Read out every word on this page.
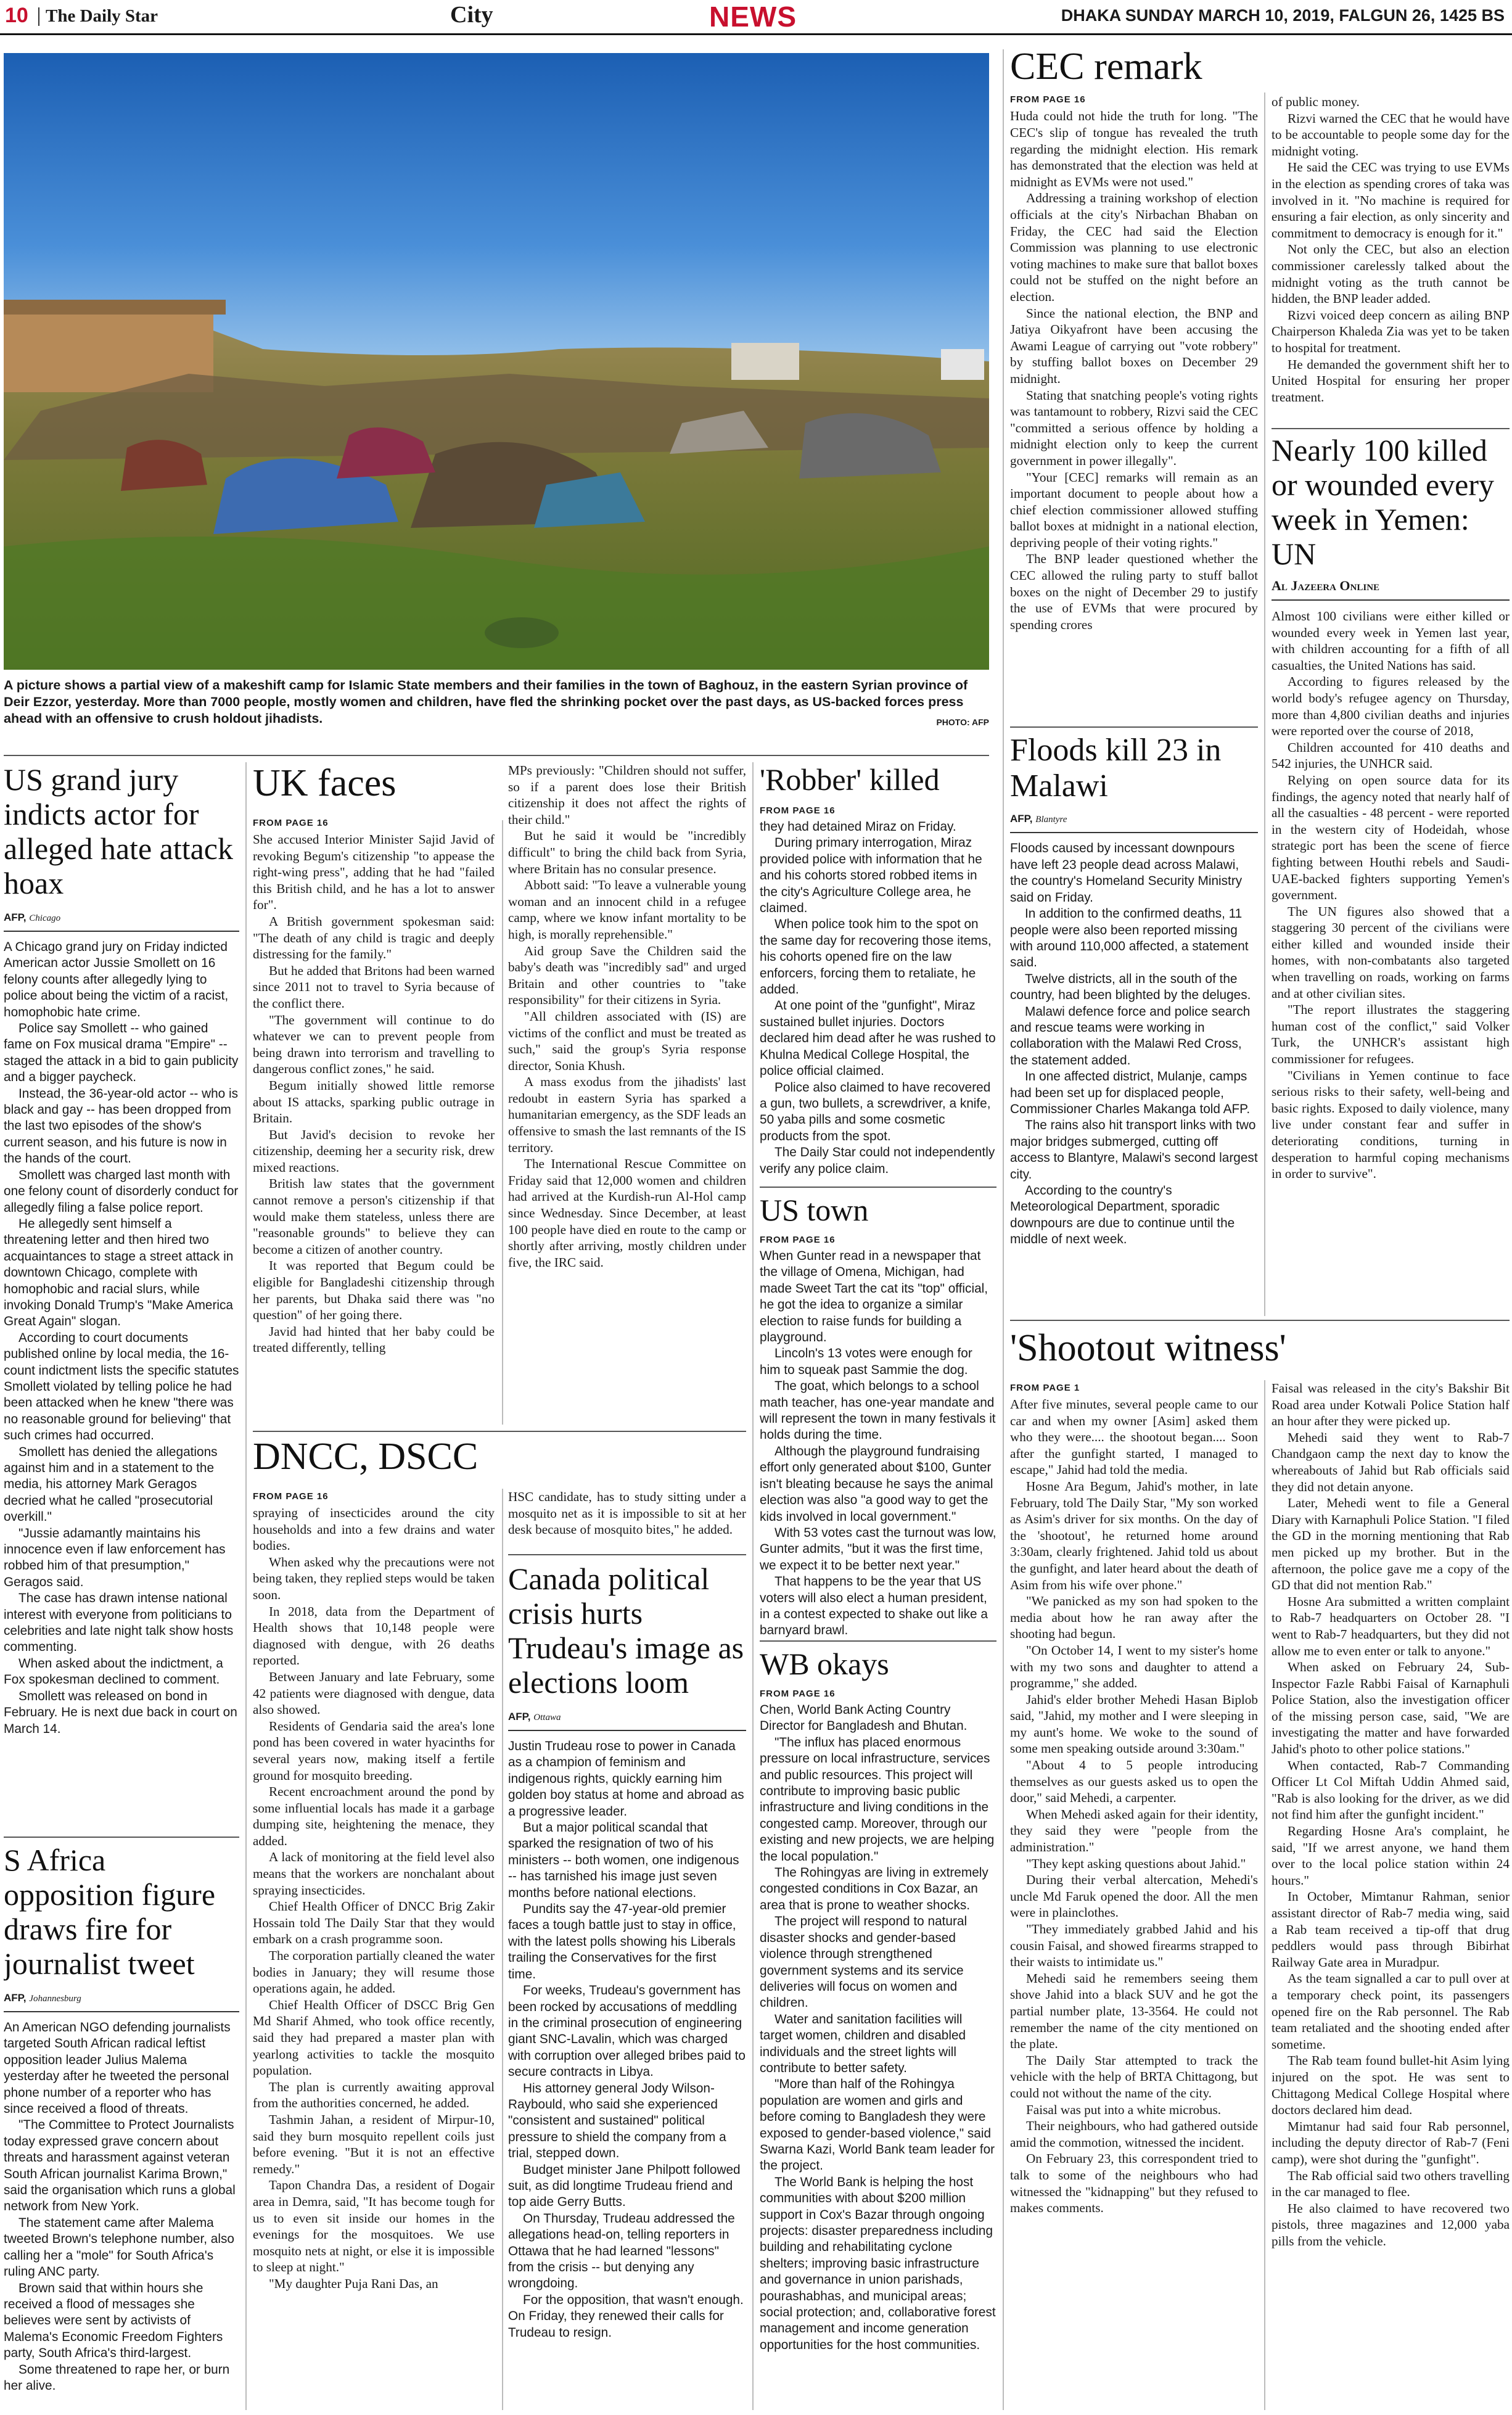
10 The Daily Star	City	NEWS	DHAKA SUNDAY MARCH 10, 2019, FALGUN 26, 1425 BS
A picture shows a partial view of a makeshift camp for Islamic State members and their families in the town of Baghouz, in the eastern Syrian province of Deir Ezzor, yesterday. More than 7000 people, mostly women and children, have fled the shrinking pocket over the past days, as US-backed forces press ahead with an offensive to crush holdout jihadists.	PHOTO: AFP
US grand jury indicts actor for alleged hate attack hoax
AFP, Chicago

A Chicago grand jury on Friday indicted American actor Jussie Smollett on 16 felony counts after allegedly lying to police about being the victim of a racist, homophobic hate crime.

Police say Smollett -- who gained fame on Fox musical drama "Empire" -- staged the attack in a bid to gain publicity and a bigger paycheck.

Instead, the 36-year-old actor -- who is black and gay -- has been dropped from the last two episodes of the show's current season, and his future is now in the hands of the court.

Smollett was charged last month with one felony count of disorderly conduct for allegedly filing a false police report.

He allegedly sent himself a threatening letter and then hired two acquaintances to stage a street attack in downtown Chicago, complete with homophobic and racial slurs, while invoking Donald Trump's "Make America Great Again" slogan.

According to court documents published online by local media, the 16-count indictment lists the specific statutes Smollett violated by telling police he had been attacked when he knew "there was no reasonable ground for believing" that such crimes had occurred.

Smollett has denied the allegations against him and in a statement to the media, his attorney Mark Geragos decried what he called "prosecutorial overkill."

"Jussie adamantly maintains his innocence even if law enforcement has robbed him of that presumption," Geragos said.

The case has drawn intense national interest with everyone from politicians to celebrities and late night talk show hosts commenting.

When asked about the indictment, a Fox spokesman declined to comment.

Smollett was released on bond in February. He is next due back in court on March 14.

S Africa opposition figure draws fire for journalist tweet
AFP, Johannesburg

An American NGO defending journalists targeted South African radical leftist opposition leader Julius Malema yesterday after he tweeted the personal phone number of a reporter who has since received a flood of threats.

"The Committee to Protect Journalists today expressed grave concern about threats and harassment against veteran South African journalist Karima Brown," said the organisation which runs a global network from New York.

The statement came after Malema tweeted Brown's telephone number, also calling her a "mole" for South Africa's ruling ANC party.

Brown said that within hours she received a flood of messages she believes were sent by activists of Malema's Economic Freedom Fighters party, South Africa's third-largest.

Some threatened to rape her, or burn her alive.

UK faces
FROM PAGE 16

She accused Interior Minister Sajid Javid of revoking Begum's citizenship "to appease the right-wing press", adding that he had "failed this British child, and he has a lot to answer for".

A British government spokesman said: "The death of any child is tragic and deeply distressing for the family."

But he added that Britons had been warned since 2011 not to travel to Syria because of the conflict there.

"The government will continue to do whatever we can to prevent people from being drawn into terrorism and travelling to dangerous conflict zones," he said.

Begum initially showed little remorse about IS attacks, sparking public outrage in Britain.

But Javid's decision to revoke her citizenship, deeming her a security risk, drew mixed reactions.

British law states that the government cannot remove a person's citizenship if that would make them stateless, unless there are "reasonable grounds" to believe they can become a citizen of another country.

It was reported that Begum could be eligible for Bangladeshi citizenship through her parents, but Dhaka said there was "no question" of her going there.

Javid had hinted that her baby could be treated differently, telling

MPs previously: "Children should not suffer, so if a parent does lose their British citizenship it does not affect the rights of their child."

But he said it would be "incredibly difficult" to bring the child back from Syria, where Britain has no consular presence.

Abbott said: "To leave a vulnerable young woman and an innocent child in a refugee camp, where we know infant mortality to be high, is morally reprehensible."

Aid group Save the Children said the baby's death was "incredibly sad" and urged Britain and other countries to "take responsibility" for their citizens in Syria.

"All children associated with (IS) are victims of the conflict and must be treated as such," said the group's Syria response director, Sonia Khush.

A mass exodus from the jihadists' last redoubt in eastern Syria has sparked a humanitarian emergency, as the SDF leads an offensive to smash the last remnants of the IS territory.

The International Rescue Committee on Friday said that 12,000 women and children had arrived at the Kurdish-run Al-Hol camp since Wednesday. Since December, at least 100 people have died en route to the camp or shortly after arriving, mostly children under five, the IRC said.

DNCC, DSCC
FROM PAGE 16

spraying of insecticides around the city households and into a few drains and water bodies.

When asked why the precautions were not being taken, they replied steps would be taken soon.

In 2018, data from the Department of Health shows that 10,148 people were diagnosed with dengue, with 26 deaths reported.

Between January and late February, some 42 patients were diagnosed with dengue, data also showed.

Residents of Gendaria said the area's lone pond has been covered in water hyacinths for several years now, making itself a fertile ground for mosquito breeding.

Recent encroachment around the pond by some influential locals has made it a garbage dumping site, heightening the menace, they added.

A lack of monitoring at the field level also means that the workers are nonchalant about spraying insecticides.

Chief Health Officer of DNCC Brig Zakir Hossain told The Daily Star that they would embark on a crash programme soon.

The corporation partially cleaned the water bodies in January; they will resume those operations again, he added.

Chief Health Officer of DSCC Brig Gen Md Sharif Ahmed, who took office recently, said they had prepared a master plan with yearlong activities to tackle the mosquito population.

The plan is currently awaiting approval from the authorities concerned, he added.

Tashmin Jahan, a resident of Mirpur-10, said they burn mosquito repellent coils just before evening. "But it is not an effective remedy."

Tapon Chandra Das, a resident of Dogair area in Demra, said, "It has become tough for us to even sit inside our homes in the evenings for the mosquitoes. We use mosquito nets at night, or else it is impossible to sleep at night."

"My daughter Puja Rani Das, an

HSC candidate, has to study sitting under a mosquito net as it is impossible to sit at her desk because of mosquito bites," he added.

Canada political crisis hurts Trudeau's image as elections loom
AFP, Ottawa

Justin Trudeau rose to power in Canada as a champion of feminism and indigenous rights, quickly earning him golden boy status at home and abroad as a progressive leader.

But a major political scandal that sparked the resignation of two of his ministers -- both women, one indigenous -- has tarnished his image just seven months before national elections.

Pundits say the 47-year-old premier faces a tough battle just to stay in office, with the latest polls showing his Liberals trailing the Conservatives for the first time.

For weeks, Trudeau's government has been rocked by accusations of meddling in the criminal prosecution of engineering giant SNC-Lavalin, which was charged with corruption over alleged bribes paid to secure contracts in Libya.

His attorney general Jody Wilson-Raybould, who said she experienced "consistent and sustained" political pressure to shield the company from a trial, stepped down.

Budget minister Jane Philpott followed suit, as did longtime Trudeau friend and top aide Gerry Butts.

On Thursday, Trudeau addressed the allegations head-on, telling reporters in Ottawa that he had learned "lessons" from the crisis -- but denying any wrongdoing.

For the opposition, that wasn't enough. On Friday, they renewed their calls for Trudeau to resign.

'Robber' killed
FROM PAGE 16

they had detained Miraz on Friday.

During primary interrogation, Miraz provided police with information that he and his cohorts stored robbed items in the city's Agriculture College area, he claimed.

When police took him to the spot on the same day for recovering those items, his cohorts opened fire on the law enforcers, forcing them to retaliate, he added.

At one point of the "gunfight", Miraz sustained bullet injuries. Doctors declared him dead after he was rushed to Khulna Medical College Hospital, the police official claimed.

Police also claimed to have recovered a gun, two bullets, a screwdriver, a knife, 50 yaba pills and some cosmetic products from the spot.

The Daily Star could not independently verify any police claim.

US town
FROM PAGE 16

When Gunter read in a newspaper that the village of Omena, Michigan, had made Sweet Tart the cat its "top" official, he got the idea to organize a similar election to raise funds for building a playground.

Lincoln's 13 votes were enough for him to squeak past Sammie the dog.

The goat, which belongs to a school math teacher, has one-year mandate and will represent the town in many festivals it holds during the time.

Although the playground fundraising effort only generated about $100, Gunter isn't bleating because he says the animal election was also "a good way to get the kids involved in local government."

With 53 votes cast the turnout was low, Gunter admits, "but it was the first time, we expect it to be better next year."

That happens to be the year that US voters will also elect a human president, in a contest expected to shake out like a barnyard brawl.

WB okays
FROM PAGE 16

Chen, World Bank Acting Country Director for Bangladesh and Bhutan.

"The influx has placed enormous pressure on local infrastructure, services and public resources. This project will contribute to improving basic public infrastructure and living conditions in the congested camp. Moreover, through our existing and new projects, we are helping the local population."

The Rohingyas are living in extremely congested conditions in Cox Bazar, an area that is prone to weather shocks.

The project will respond to natural disaster shocks and gender-based violence through strengthened government systems and its service deliveries will focus on women and children.

Water and sanitation facilities will target women, children and disabled individuals and the street lights will contribute to better safety.

"More than half of the Rohingya population are women and girls and before coming to Bangladesh they were exposed to gender-based violence," said Swarna Kazi, World Bank team leader for the project.

The World Bank is helping the host communities with about $200 million support in Cox's Bazar through ongoing projects: disaster preparedness including building and rehabilitating cyclone shelters; improving basic infrastructure and governance in union parishads, pourashabhas, and municipal areas; social protection; and, collaborative forest management and income generation opportunities for the host communities.

CEC remark
FROM PAGE 16

Huda could not hide the truth for long. "The CEC's slip of tongue has revealed the truth regarding the midnight election. His remark has demonstrated that the election was held at midnight as EVMs were not used."

Addressing a training workshop of election officials at the city's Nirbachan Bhaban on Friday, the CEC had said the Election Commission was planning to use electronic voting machines to make sure that ballot boxes could not be stuffed on the night before an election.

Since the national election, the BNP and Jatiya Oikyafront have been accusing the Awami League of carrying out "vote robbery" by stuffing ballot boxes on December 29 midnight.

Stating that snatching people's voting rights was tantamount to robbery, Rizvi said the CEC "committed a serious offence by holding a midnight election only to keep the current government in power illegally".

"Your [CEC] remarks will remain as an important document to people about how a chief election commissioner allowed stuffing ballot boxes at midnight in a national election, depriving people of their voting rights."

The BNP leader questioned whether the CEC allowed the ruling party to stuff ballot boxes on the night of December 29 to justify the use of EVMs that were procured by spending crores

Floods kill 23 in Malawi
AFP, Blantyre

Floods caused by incessant downpours have left 23 people dead across Malawi, the country's Homeland Security Ministry said on Friday.

In addition to the confirmed deaths, 11 people were also been reported missing with around 110,000 affected, a statement said.

Twelve districts, all in the south of the country, had been blighted by the deluges.

Malawi defence force and police search and rescue teams were working in collaboration with the Malawi Red Cross, the statement added.

In one affected district, Mulanje, camps had been set up for displaced people, Commissioner Charles Makanga told AFP.

The rains also hit transport links with two major bridges submerged, cutting off access to Blantyre, Malawi's second largest city.

According to the country's Meteorological Department, sporadic downpours are due to continue until the middle of next week.

of public money.

Rizvi warned the CEC that he would have to be accountable to people some day for the midnight voting.

He said the CEC was trying to use EVMs in the election as spending crores of taka was involved in it. "No machine is required for ensuring a fair election, as only sincerity and commitment to democracy is enough for it."

Not only the CEC, but also an election commissioner carelessly talked about the midnight voting as the truth cannot be hidden, the BNP leader added.

Rizvi voiced deep concern as ailing BNP Chairperson Khaleda Zia was yet to be taken to hospital for treatment.

He demanded the government shift her to United Hospital for ensuring her proper treatment.

Nearly 100 killed or wounded every week in Yemen: UN
Al Jazeera Online

Almost 100 civilians were either killed or wounded every week in Yemen last year, with children accounting for a fifth of all casualties, the United Nations has said.

According to figures released by the world body's refugee agency on Thursday, more than 4,800 civilian deaths and injuries were reported over the course of 2018,

Children accounted for 410 deaths and 542 injuries, the UNHCR said.

Relying on open source data for its findings, the agency noted that nearly half of all the casualties - 48 percent - were reported in the western city of Hodeidah, whose strategic port has been the scene of fierce fighting between Houthi rebels and Saudi-UAE-backed fighters supporting Yemen's government.

The UN figures also showed that a staggering 30 percent of the civilians were either killed and wounded inside their homes, with non-combatants also targeted when travelling on roads, working on farms and at other civilian sites.

"The report illustrates the staggering human cost of the conflict," said Volker Turk, the UNHCR's assistant high commissioner for refugees.

"Civilians in Yemen continue to face serious risks to their safety, well-being and basic rights. Exposed to daily violence, many live under constant fear and suffer in deteriorating conditions, turning in desperation to harmful coping mechanisms in order to survive".

'Shootout witness'
FROM PAGE 1

After five minutes, several people came to our car and when my owner [Asim] asked them who they were.... the shootout began.... Soon after the gunfight started, I managed to escape," Jahid had told the media.

Hosne Ara Begum, Jahid's mother, in late February, told The Daily Star, "My son worked as Asim's driver for six months. On the day of the 'shootout', he returned home around 3:30am, clearly frightened. Jahid told us about the gunfight, and later heard about the death of Asim from his wife over phone."

"We panicked as my son had spoken to the media about how he ran away after the shooting had begun.

"On October 14, I went to my sister's home with my two sons and daughter to attend a programme," she added.

Jahid's elder brother Mehedi Hasan Biplob said, "Jahid, my mother and I were sleeping in my aunt's home. We woke to the sound of some men speaking outside around 3:30am."

"About 4 to 5 people introducing themselves as our guests asked us to open the door," said Mehedi, a carpenter.

When Mehedi asked again for their identity, they said they were "people from the administration."

"They kept asking questions about Jahid."

During their verbal altercation, Mehedi's uncle Md Faruk opened the door. All the men were in plainclothes.

"They immediately grabbed Jahid and his cousin Faisal, and showed firearms strapped to their waists to intimidate us."

Mehedi said he remembers seeing them shove Jahid into a black SUV and he got the partial number plate, 13-3564. He could not remember the name of the city mentioned on the plate.

The Daily Star attempted to track the vehicle with the help of BRTA Chittagong, but could not without the name of the city.

Faisal was put into a white microbus.

Their neighbours, who had gathered outside amid the commotion, witnessed the incident.

On February 23, this correspondent tried to talk to some of the neighbours who had witnessed the "kidnapping" but they refused to makes comments.

Faisal was released in the city's Bakshir Bit Road area under Kotwali Police Station half an hour after they were picked up.

Mehedi said they went to Rab-7 Chandgaon camp the next day to know the whereabouts of Jahid but Rab officials said they did not detain anyone.

Later, Mehedi went to file a General Diary with Karnaphuli Police Station. "I filed the GD in the morning mentioning that Rab men picked up my brother. But in the afternoon, the police gave me a copy of the GD that did not mention Rab."

Hosne Ara submitted a written complaint to Rab-7 headquarters on October 28. "I went to Rab-7 headquarters, but they did not allow me to even enter or talk to anyone."

When asked on February 24, Sub-Inspector Fazle Rabbi Faisal of Karnaphuli Police Station, also the investigation officer of the missing person case, said, "We are investigating the matter and have forwarded Jahid's photo to other police stations."

When contacted, Rab-7 Commanding Officer Lt Col Miftah Uddin Ahmed said, "Rab is also looking for the driver, as we did not find him after the gunfight incident."

Regarding Hosne Ara's complaint, he said, "If we arrest anyone, we hand them over to the local police station within 24 hours."

In October, Mimtanur Rahman, senior assistant director of Rab-7 media wing, said a Rab team received a tip-off that drug peddlers would pass through Bibirhat Railway Gate area in Muradpur.

As the team signalled a car to pull over at a temporary check point, its passengers opened fire on the Rab personnel. The Rab team retaliated and the shooting ended after sometime.

The Rab team found bullet-hit Asim lying injured on the spot. He was sent to Chittagong Medical College Hospital where doctors declared him dead.

Mimtanur had said four Rab personnel, including the deputy director of Rab-7 (Feni camp), were shot during the "gunfight".

The Rab official said two others travelling in the car managed to flee.

He also claimed to have recovered two pistols, three magazines and 12,000 yaba pills from the vehicle.
